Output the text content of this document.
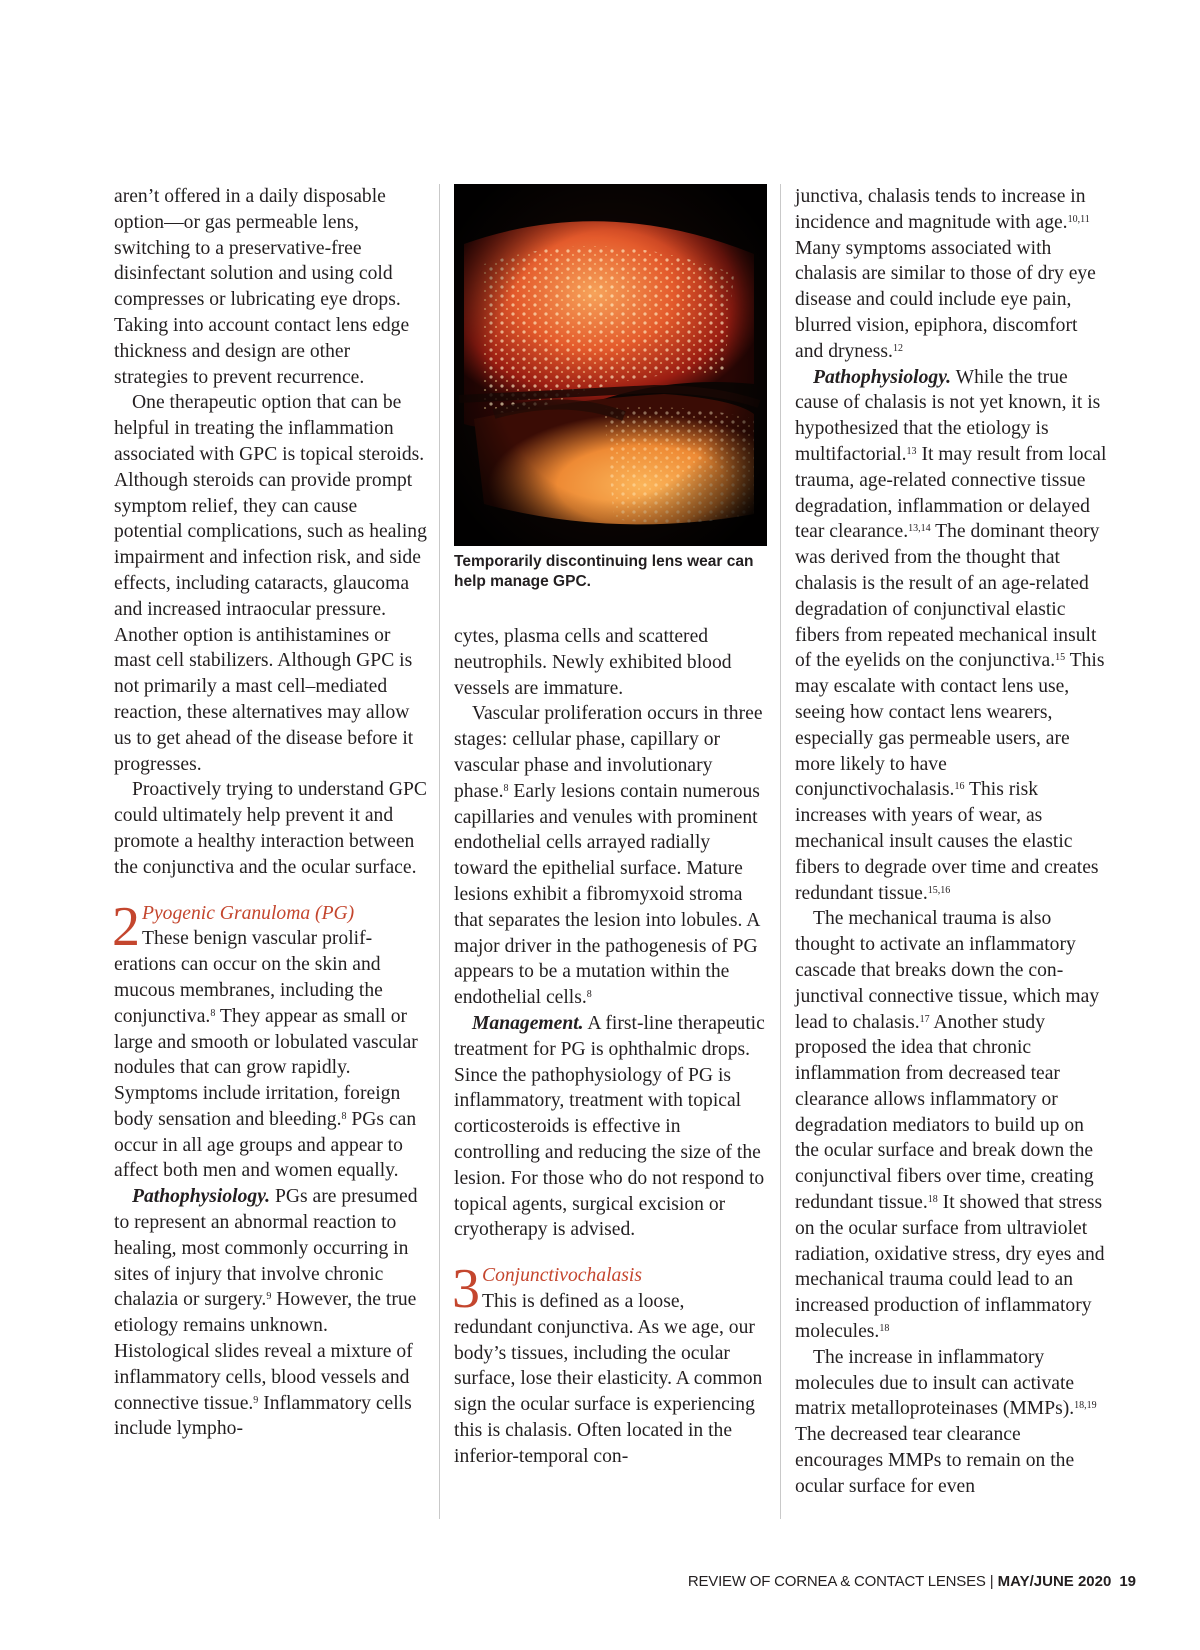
aren’t offered in a daily disposable option—or gas permeable lens, switching to a preservative-free disinfectant solution and using cold compresses or lubricating eye drops. Taking into account contact lens edge thickness and design are other strategies to prevent recurrence.

One therapeutic option that can be helpful in treating the inflammation associated with GPC is topical steroids. Although steroids can provide prompt symptom relief, they can cause potential complications, such as healing impairment and infection risk, and side effects, including cataracts, glaucoma and increased intraocular pressure. Another option is antihistamines or mast cell stabilizers. Although GPC is not primarily a mast cell–mediated reaction, these alternatives may allow us to get ahead of the disease before it progresses.

Proactively trying to understand GPC could ultimately help prevent it and promote a healthy interaction between the conjunctiva and the ocular surface.

2 Pyogenic Granuloma (PG)
These benign vascular proliferations can occur on the skin and mucous membranes, including the conjunctiva.$^8$ They appear as small or large and smooth or lobulated vascular nodules that can grow rapidly. Symptoms include irritation, foreign body sensation and bleeding.$^8$ PGs can occur in all age groups and appear to affect both men and women equally.

Pathophysiology. PGs are presumed to represent an abnormal reaction to healing, most commonly occurring in sites of injury that involve chronic chalazia or surgery.$^9$ However, the true etiology remains unknown. Histological slides reveal a mixture of inflammatory cells, blood vessels and connective tissue.$^9$ Inflammatory cells include lympho-

Temporarily discontinuing lens wear can help manage GPC.

cytes, plasma cells and scattered neutrophils. Newly exhibited blood vessels are immature.

Vascular proliferation occurs in three stages: cellular phase, capillary or vascular phase and involutionary phase.$^8$ Early lesions contain numerous capillaries and venules with prominent endothelial cells arrayed radially toward the epithelial surface. Mature lesions exhibit a fibromyxoid stroma that separates the lesion into lobules. A major driver in the pathogenesis of PG appears to be a mutation within the endothelial cells.$^8$

Management. A first-line therapeutic treatment for PG is ophthalmic drops. Since the pathophysiology of PG is inflammatory, treatment with topical corticosteroids is effective in controlling and reducing the size of the lesion. For those who do not respond to topical agents, surgical excision or cryotherapy is advised.

3 Conjunctivochalasis
This is defined as a loose, redundant conjunctiva. As we age, our body’s tissues, including the ocular surface, lose their elasticity. A common sign the ocular surface is experiencing this is chalasis. Often located in the inferior-temporal con-

junctiva, chalasis tends to increase in incidence and magnitude with age.$^{10,11}$ Many symptoms associated with chalasis are similar to those of dry eye disease and could include eye pain, blurred vision, epiphora, discomfort and dryness.$^{12}$

Pathophysiology. While the true cause of chalasis is not yet known, it is hypothesized that the etiology is multifactorial.$^{13}$ It may result from local trauma, age-related connective tissue degradation, inflammation or delayed tear clearance.$^{13,14}$ The dominant theory was derived from the thought that chalasis is the result of an age-related degradation of conjunctival elastic fibers from repeated mechanical insult of the eyelids on the conjunctiva.$^{15}$ This may escalate with contact lens use, seeing how contact lens wearers, especially gas permeable users, are more likely to have conjunctivochalasis.$^{16}$ This risk increases with years of wear, as mechanical insult causes the elastic fibers to degrade over time and creates redundant tissue.$^{15,16}$

The mechanical trauma is also thought to activate an inflammatory cascade that breaks down the conjunctival connective tissue, which may lead to chalasis.$^{17}$ Another study proposed the idea that chronic inflammation from decreased tear clearance allows inflammatory or degradation mediators to build up on the ocular surface and break down the conjunctival fibers over time, creating redundant tissue.$^{18}$ It showed that stress on the ocular surface from ultraviolet radiation, oxidative stress, dry eyes and mechanical trauma could lead to an increased production of inflammatory molecules.$^{18}$

The increase in inflammatory molecules due to insult can activate matrix metalloproteinases (MMPs).$^{18,19}$ The decreased tear clearance encourages MMPs to remain on the ocular surface for even

REVIEW OF CORNEA & CONTACT LENSES | MAY/JUNE 2020 19
